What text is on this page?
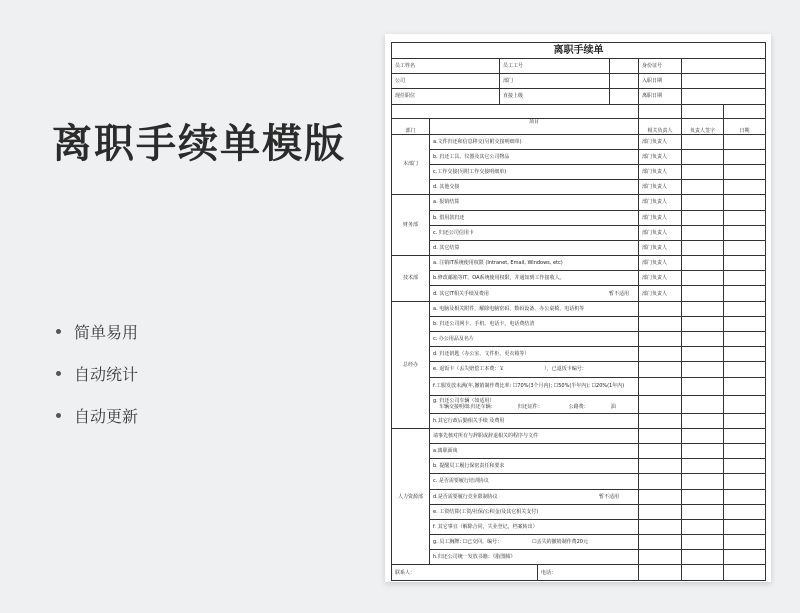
离职手续单模版
简单易用
自动统计
自动更新
离职手续单							
员工姓名		员工工号			身份证号		
公司		部门			入职日期		
现任职位		直接上级			离职日期		

部门	项目				相关负责人	负责人签字	日期
本部门	a.文件归还和信息移交(另附交接明细单)				部门负责人		
	b. 归还工具、仪器及其它公司物品				部门负责人		
	c.工作交接(另附工作交接明细单)				部门负责人		
	d. 其他交接				部门负责人		
财务部	a. 报销结算				部门负责人		
	b. 借用款归还				部门负责人		
	c. 归还公司信用卡				部门负责人		
	d. 其它结算				部门负责人		
技术部	a. 注销IT系统使用权限 (Intranet, Email, Windows, etc)				部门负责人		
	b.修改邮箱等IT、OA系统使用权限，并通知到工作接收人。				部门负责人		
	d. 其它IT相关手续及费用 暂不适用				部门负责人		
总经办	a. 电脑及相关附件，解除电脑密码，数码设备、办公桌椅，电话机等						
	b. 归还公司网卡、手机、电话卡、电话费结清						
	c. 办公用品及名片						
	d. 归还钥匙（办公室、文件柜、更衣箱等）						
	e. 退饭卡（丢失赔偿工本费：￥ ），已退饭卡编号：						
	f.工服发放未满(年,撤销制作费比率: ☐70%(3个月内); ☐50%(半年内); ☐20%(1年内)						

	g. 归还公司车辆（如适用）
车辆交接明细:归还车辆： 归还证件： 公路费： 油						

	h.其它行政后勤相关手续 及费用						
人力资源部	请事先核对所有与辞职或辞退相关的程序与文件						
	a.离职面谈						
	b. 提醒员工履行保密责任和要求						
	c. 是否需要履行培训协议						
	d.是否需要履行竞业限制协议 暂不适用						

	e. 工资结算(工资/社保/公积金/及其它相关支付)						
	f. 其它事宜（解除合同，失业登记，档案转出）						
	g. 员工胸牌: ☐已交回，编号： ☐丢失的撤销制作费20元						
	h.归还公司统一发放书籍：《脂图腾》						
联系人：			电话：				
